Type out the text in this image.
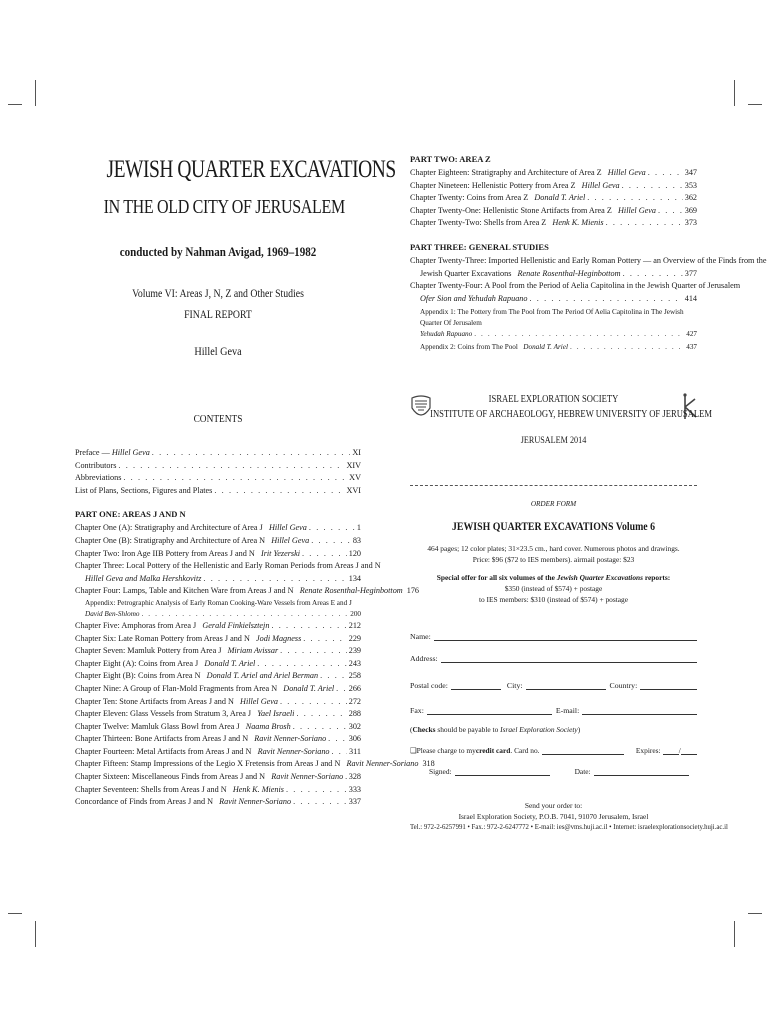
JEWISH QUARTER EXCAVATIONS
IN THE OLD CITY OF JERUSALEM
conducted by Nahman Avigad, 1969–1982
Volume VI: Areas J, N, Z and Other Studies
FINAL REPORT
Hillel Geva
CONTENTS
Preface — Hillel Geva . . .	XI
Contributors . . .	XIV
Abbreviations . . .	XV
List of Plans, Sections, Figures and Plates . . .	XVI
PART ONE: AREAS J AND N
Chapter One (A): Stratigraphy and Architecture of Area J Hillel Geva . . .	1
Chapter One (B): Stratigraphy and Architecture of Area N Hillel Geva . . .	83
Chapter Two: Iron Age IIB Pottery from Areas J and N Irit Yezerski . . .	120
Chapter Three: Local Pottery of the Hellenistic and Early Roman Periods from Areas J and N
Hillel Geva and Malka Hershkovitz . . .	134
Chapter Four: Lamps, Table and Kitchen Ware from Areas J and N Renate Rosenthal-Heginbottom 176
Appendix: Petrographic Analysis of Early Roman Cooking-Ware Vessels from Areas E and J
David Ben-Shlomo . . .	200
Chapter Five: Amphoras from Area J Gerald Finkielsztejn . . .	212
Chapter Six: Late Roman Pottery from Areas J and N Jodi Magness . . .	229
Chapter Seven: Mamluk Pottery from Area J Miriam Avissar . . .	239
Chapter Eight (A): Coins from Area J Donald T. Ariel . . .	243
Chapter Eight (B): Coins from Area N Donald T. Ariel and Ariel Berman . . .	258
Chapter Nine: A Group of Flan-Mold Fragments from Area N Donald T. Ariel . . . 266
Chapter Ten: Stone Artifacts from Areas J and N Hillel Geva . . .	272
Chapter Eleven: Glass Vessels from Stratum 3, Area J Yael Israeli . . .	288
Chapter Twelve: Mamluk Glass Bowl from Area J Naama Brosh . . .	302
Chapter Thirteen: Bone Artifacts from Areas J and N Ravit Nenner-Soriano . . .	306
Chapter Fourteen: Metal Artifacts from Areas J and N Ravit Nenner-Soriano . . . 311
Chapter Fifteen: Stamp Impressions of the Legio X Fretensis from Areas J and N Ravit Nenner-Soriano 318
Chapter Sixteen: Miscellaneous Finds from Areas J and N Ravit Nenner-Soriano . . . 328
Chapter Seventeen: Shells from Areas J and N Henk K. Mienis . . .	333
Concordance of Finds from Areas J and N Ravit Nenner-Soriano . . .	337
PART TWO: AREA Z
Chapter Eighteen: Stratigraphy and Architecture of Area Z Hillel Geva . . .	347
Chapter Nineteen: Hellenistic Pottery from Area Z Hillel Geva . . .	353
Chapter Twenty: Coins from Area Z Donald T. Ariel . . .	362
Chapter Twenty-One: Hellenistic Stone Artifacts from Area Z Hillel Geva . . .	369
Chapter Twenty-Two: Shells from Area Z Henk K. Mienis . . .	373
PART THREE: GENERAL STUDIES
Chapter Twenty-Three: Imported Hellenistic and Early Roman Pottery — an Overview of the Finds from the
Jewish Quarter Excavations Renate Rosenthal-Heginbottom . . .	377
Chapter Twenty-Four: A Pool from the Period of Aelia Capitolina in the Jewish Quarter of Jerusalem
Ofer Sion and Yehudah Rapuano . . .	414
Appendix 1: The Pottery from The Pool from The Period Of Aelia Capitolina in The Jewish Quarter Of Jerusalem
Yehudah Rapuano . . .	427
Appendix 2: Coins from The Pool Donald T. Ariel . . .	437
ISRAEL EXPLORATION SOCIETY
INSTITUTE OF ARCHAEOLOGY, HEBREW UNIVERSITY OF JERUSALEM
JERUSALEM 2014
ORDER FORM
JEWISH QUARTER EXCAVATIONS Volume 6
464 pages; 12 color plates; 31×23.5 cm., hard cover. Numerous photos and drawings.
Price: $96 ($72 to IES members). airmail postage: $23
Special offer for all six volumes of the Jewish Quarter Excavations reports:
$350 (instead of $574) + postage
to IES members: $310 (instead of $574) + postage
Name:
Address:
Postal code:	City:	Country:
Fax:	E-mail:
(Checks should be payable to Israel Exploration Society)
❑ Please charge to my credit card . Card no.	Expires: /
Signed:	Date:
Send your order to:
Israel Exploration Society, P.O.B. 7041, 91070 Jerusalem, Israel
Tel.: 972-2-6257991 • Fax.: 972-2-6247772 • E-mail: ies@vms.huji.ac.il • Internet: israelexplorationsociety.huji.ac.il
